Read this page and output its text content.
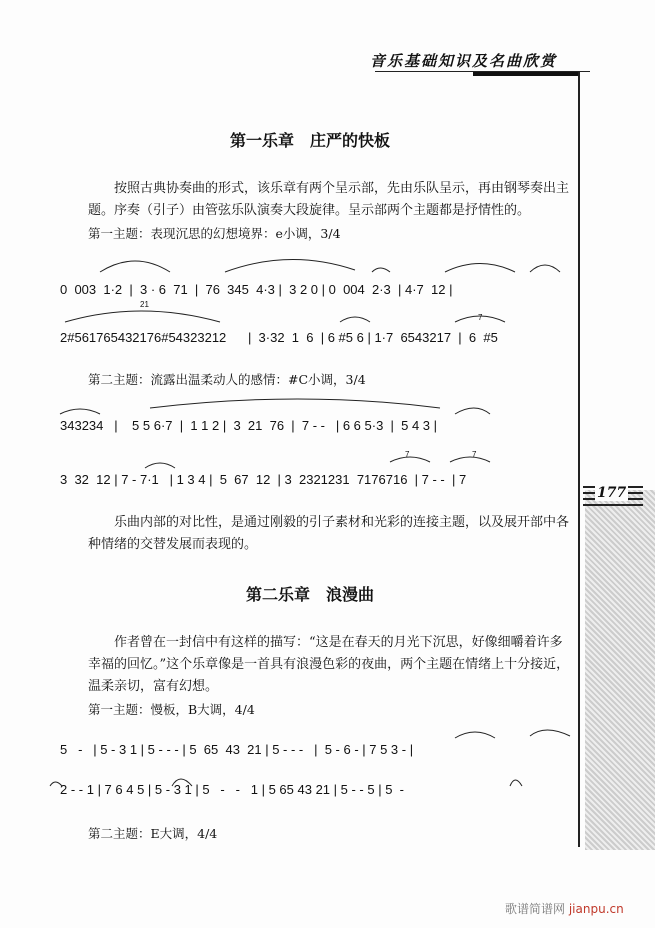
音乐基础知识及名曲欣赏
177
第一乐章　庄严的快板
按照古典协奏曲的形式，该乐章有两个呈示部，先由乐队呈示，再由钢琴奏出主题。序奏（引子）由管弦乐队演奏大段旋律。呈示部两个主题都是抒情性的。
第一主题：表现沉思的幻想境界：e小调，3/4
0  003  1·2  |  3 · 6  71  |  76  345  4·3 |  3 2 0 | 0  004  2·3  | 4·7  12 |
2#561765432176#54323212      |  3·32  1  6  | 6 #5 6 | 1·7  6543217  |  6  #5
第二主题：流露出温柔动人的感情：#C小调，3/4
343234   |    5 5 6·7  |  1 1 2 |  3  21  76  |  7 - -   | 6 6 5·3  |  5 4 3 |
3  32  12 | 7 - 7·1   | 1 3 4 |  5  67  12  | 3  2321231  7176716  | 7 - -  | 7
21
7
7	7
乐曲内部的对比性，是通过刚毅的引子素材和光彩的连接主题，以及展开部中各种情绪的交替发展而表现的。
第二乐章　浪漫曲
作者曾在一封信中有这样的描写：“这是在春天的月光下沉思，好像细嚼着许多幸福的回忆。”这个乐章像是一首具有浪漫色彩的夜曲，两个主题在情绪上十分接近，温柔亲切，富有幻想。
第一主题：慢板，B大调，4/4
5   -   | 5 - 3 1 | 5 - - - | 5  65  43  21 | 5 - - -   |  5 - 6 - | 7 5 3 - |
2 - - 1 | 7 6 4 5 | 5 - 3 1 | 5   -   -   1 | 5 65 43 21 | 5 - - 5 | 5  -
第二主题：E大调，4/4
歌谱简谱网 jianpu.cn
